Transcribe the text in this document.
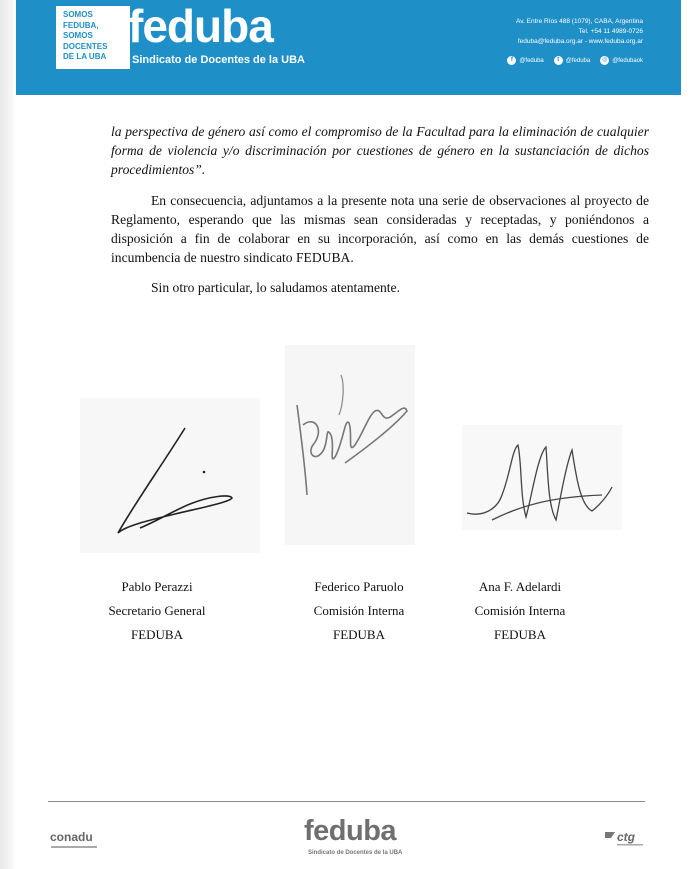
SOMOS
FEDUBA,
SOMOS
DOCENTES
DE LA UBA
feduba
Sindicato de Docentes de la UBA
Av. Entre Ríos 488 (1079), CABA, Argentina
Tel. +54 11 4989-0726
feduba@feduba.org.ar - www.feduba.org.ar
f	@feduba	t	@feduba	◎ @fedubaok
la perspectiva de género así como el compromiso de la Facultad para la eliminación de cualquier forma de violencia y/o discriminación por cuestiones de género en la sustanciación de dichos procedimientos”.
En consecuencia, adjuntamos a la presente nota una serie de observaciones al proyecto de Reglamento, esperando que las mismas sean consideradas y receptadas, y poniéndonos a disposición a fin de colaborar en su incorporación, así como en las demás cuestiones de incumbencia de nuestro sindicato FEDUBA.
Sin otro particular, lo saludamos atentamente.
Pablo Perazzi
Secretario General
FEDUBA
Federico Paruolo
Comisión Interna
FEDUBA
Ana F. Adelardi
Comisión Interna
FEDUBA
conadu	feduba
Sindicato de Docentes de la UBA
ctg
